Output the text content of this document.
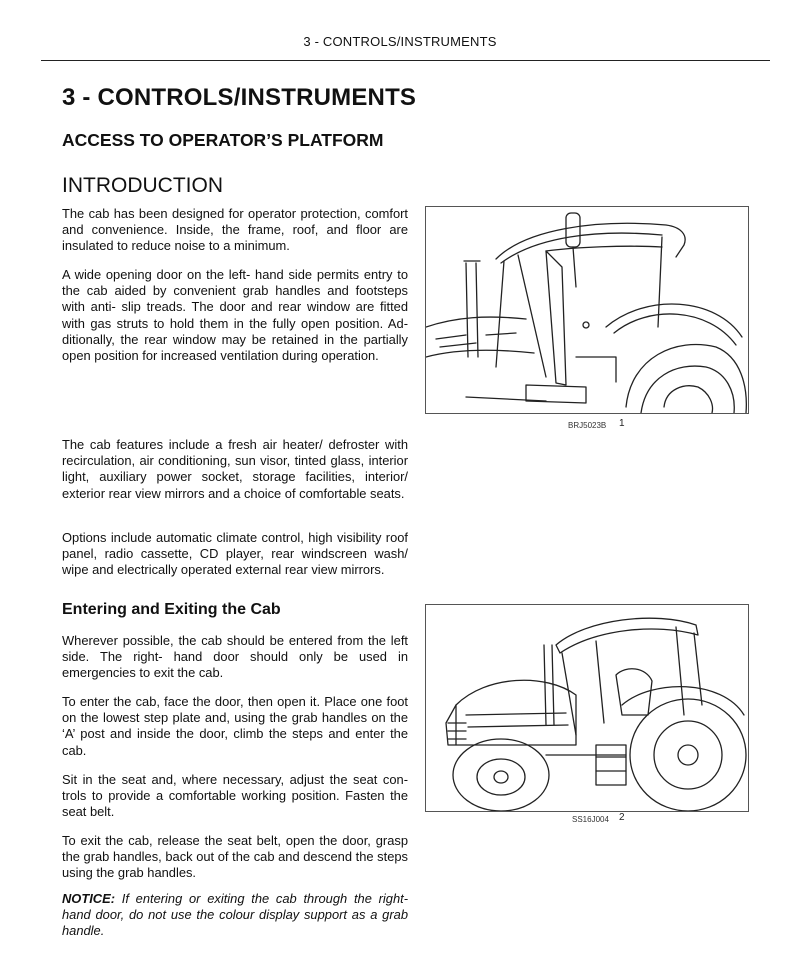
3 - CONTROLS/INSTRUMENTS
3 - CONTROLS/INSTRUMENTS
ACCESS TO OPERATOR’S PLATFORM
INTRODUCTION

The cab has been designed for operator protection, comfort and convenience. Inside, the frame, roof, and floor are insulated to reduce noise to a minimum.

A wide opening door on the left- hand side permits entry to the cab aided by convenient grab handles and footsteps with anti- slip treads. The door and rear window are fitted with gas struts to hold them in the fully open position. Additionally, the rear window may be retained in the partially open position for increased ventilation during operation.

The cab features include a fresh air heater/ defroster with recirculation, air conditioning, sun visor, tinted glass, interior light, auxiliary power socket, storage facilities, interior/ exterior rear view mirrors and a choice of comfortable seats.

Options include automatic climate control, high visibility roof panel, radio cassette, CD player, rear windscreen wash/ wipe and electrically operated external rear view mirrors.

Entering and Exiting the Cab

Wherever possible, the cab should be entered from the left side. The right- hand door should only be used in emergencies to exit the cab.

To enter the cab, face the door, then open it. Place one foot on the lowest step plate and, using the grab handles on the ‘A’ post and inside the door, climb the steps and enter the cab.

Sit in the seat and, where necessary, adjust the seat controls to provide a comfortable working position. Fasten the seat belt.

To exit the cab, release the seat belt, open the door, grasp the grab handles, back out of the cab and descend the steps using the grab handles.

NOTICE: If entering or exiting the cab through the right-hand door, do not use the colour display support as a grab handle.

BRJ5023B 1
SS16J004 2
